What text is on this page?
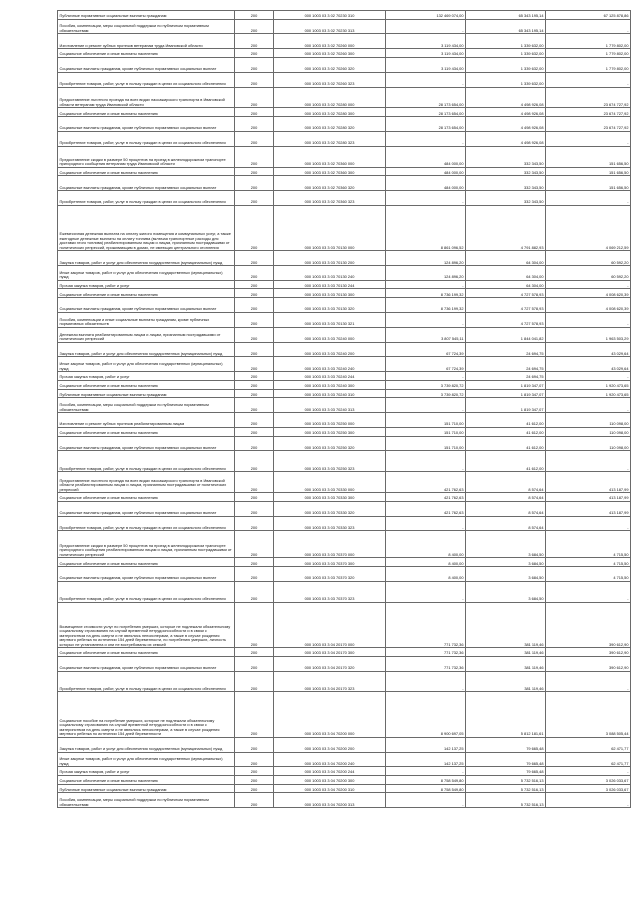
Публичные нормативные социальные выплаты гражданам	200	000 1003 03 3 02 70230 310	132 469 074,00	65 343 195,14	67 125 878,86
Пособия, компенсации, меры социальной поддержки по публичным нормативным обязательствам	200	000 1003 03 3 02 70230 313	-	65 343 195,14	-
Изготовление и ремонт зубных протезов ветеранам труда Ивановской области	200	000 1003 03 3 02 70260 000	3 119 434,00	1 339 632,00	1 779 802,00
Социальное обеспечение и иные выплаты населению	200	000 1003 03 3 02 70260 300	3 119 434,00	1 339 632,00	1 779 802,00
Социальные выплаты гражданам, кроме публичных нормативных социальных выплат	200	000 1003 03 3 02 70260 320	3 119 434,00	1 339 632,00	1 779 802,00
Приобретение товаров, работ, услуг в пользу граждан в целях их социального обеспечения	200	000 1003 03 3 02 70260 323	-	1 339 632,00	-
Предоставление льготного проезда на всех видах пассажирского транспорта в Ивановской области ветеранам труда Ивановской области	200	000 1003 03 3 02 70280 000	28 173 654,00	4 498 926,08	23 674 727,92
Социальное обеспечение и иные выплаты населению	200	000 1003 03 3 02 70280 300	28 173 654,00	4 498 926,08	23 674 727,92
Социальные выплаты гражданам, кроме публичных нормативных социальных выплат	200	000 1003 03 3 02 70280 320	28 173 654,00	4 498 926,08	23 674 727,92
Приобретение товаров, работ, услуг в пользу граждан в целях их социального обеспечения	200	000 1003 03 3 02 70280 323	-	4 498 926,08	-
Предоставление скидки в размере 50 процентов на проезд в железнодорожном транспорте пригородного сообщения ветеранам труда Ивановской области	200	000 1003 03 3 02 70360 000	484 000,00	332 343,50	151 656,50
Социальное обеспечение и иные выплаты населению	200	000 1003 03 3 02 70360 300	484 000,00	332 343,50	151 656,50
Социальные выплаты гражданам, кроме публичных нормативных социальных выплат	200	000 1003 03 3 02 70360 320	484 000,00	332 343,50	151 656,50
Приобретение товаров, работ, услуг в пользу граждан в целях их социального обеспечения	200	000 1003 03 3 02 70360 323	-	332 343,50	-
Ежемесячная денежная выплата на оплату жилого помещения и коммунальных услуг, а также ежегодные денежные выплаты на оплату топлива (включая транспортные расходы для доставки этого топлива) реабилитированным лицам и лицам, признанным пострадавшими от политических репрессий, проживающим в домах, не имеющих центрального отопления	200	000 1003 03 3 03 70130 000	8 861 096,52	4 791 882,93	4 069 212,59
Закупка товаров, работ и услуг для обеспечения государственных (муниципальных) нужд	200	000 1003 03 3 03 70130 200	124 896,20	64 304,00	60 592,20
Иные закупки товаров, работ и услуг для обеспечения государственных (муниципальных) нужд	200	000 1003 03 3 03 70130 240	124 896,20	64 304,00	60 592,20
Прочая закупка товаров, работ и услуг	200	000 1003 03 3 03 70130 244	-	64 304,00	-
Социальное обеспечение и иные выплаты населению	200	000 1003 03 3 03 70130 300	8 736 199,32	4 727 578,93	4 008 620,39
Социальные выплаты гражданам, кроме публичных нормативных социальных выплат	200	000 1003 03 3 03 70130 320	8 736 199,32	4 727 578,93	4 008 620,39
Пособия, компенсации и иные социальные выплаты гражданам, кроме публичных нормативных обязательств	200	000 1003 03 3 03 70130 321	-	4 727 578,93	-
Денежная выплата реабилитированным лицам и лицам, признанным пострадавшими от политических репрессий	200	000 1003 03 3 03 70240 000	3 807 545,11	1 844 041,82	1 963 503,29
Закупка товаров, работ и услуг для обеспечения государственных (муниципальных) нужд	200	000 1003 03 3 03 70240 200	67 724,39	24 694,75	43 029,64
Иные закупки товаров, работ и услуг для обеспечения государственных (муниципальных) нужд	200	000 1003 03 3 03 70240 240	67 724,39	24 694,75	43 029,64
Прочая закупка товаров, работ и услуг	200	000 1003 03 3 03 70240 244	-	24 694,75	-
Социальное обеспечение и иные выплаты населению	200	000 1003 03 3 03 70240 300	3 739 820,72	1 819 347,07	1 920 473,65
Публичные нормативные социальные выплаты гражданам	200	000 1003 03 3 03 70240 310	3 739 820,72	1 819 347,07	1 920 473,65
Пособия, компенсации, меры социальной поддержки по публичным нормативным обязательствам	200	000 1003 03 3 03 70240 313	-	1 819 347,07	-
Изготовление и ремонт зубных протезов реабилитированным лицам	200	000 1003 03 3 03 70250 000	151 710,00	41 612,00	110 098,00
Социальное обеспечение и иные выплаты населению	200	000 1003 03 3 03 70250 300	151 710,00	41 612,00	110 098,00
Социальные выплаты гражданам, кроме публичных нормативных социальных выплат	200	000 1003 03 3 03 70250 320	151 710,00	41 612,00	110 098,00
Приобретение товаров, работ, услуг в пользу граждан в целях их социального обеспечения	200	000 1003 03 3 03 70250 323	-	41 612,00	-
Предоставление льготного проезда на всех видах пассажирского транспорта в Ивановской области реабилитированным лицам и лицам, признанным пострадавшими от политических репрессий	200	000 1003 03 3 03 70330 000	421 762,63	8 574,64	413 187,99
Социальное обеспечение и иные выплаты населению	200	000 1003 03 3 03 70330 300	421 762,63	8 574,64	413 187,99
Социальные выплаты гражданам, кроме публичных нормативных социальных выплат	200	000 1003 03 3 03 70330 320	421 762,63	8 574,64	413 187,99
Приобретение товаров, работ, услуг в пользу граждан в целях их социального обеспечения	200	000 1003 03 3 03 70330 323	-	8 574,64	-
Предоставление скидки в размере 50 процентов на проезд в железнодорожном транспорте пригородного сообщения реабилитированным лицам и лицам, признанным пострадавшими от политических репрессий	200	000 1003 03 3 03 70370 000	8 400,00	3 684,50	4 715,50
Социальное обеспечение и иные выплаты населению	200	000 1003 03 3 03 70370 300	8 400,00	3 684,50	4 715,50
Социальные выплаты гражданам, кроме публичных нормативных социальных выплат	200	000 1003 03 3 03 70370 320	8 400,00	3 684,50	4 715,50
Приобретение товаров, работ, услуг в пользу граждан в целях их социального обеспечения	200	000 1003 03 3 03 70370 323	-	3 684,50	-
Возмещение стоимости услуг по погребению умерших, которые не подлежали обязательному социальному страхованию на случай временной нетрудоспособности и в связи с материнством на день смерти и не являлись пенсионерами, а также в случае рождения мертвого ребенка по истечении 154 дней беременности, по погребению умерших, личность которых не установлена и они не востребованы их семьей	200	000 1003 03 3 04 20170 000	771 732,36	381 119,46	390 612,90
Социальное обеспечение и иные выплаты населению	200	000 1003 03 3 04 20170 300	771 732,36	381 119,46	390 612,90
Социальные выплаты гражданам, кроме публичных нормативных социальных выплат	200	000 1003 03 3 04 20170 320	771 732,36	381 119,46	390 612,90
Приобретение товаров, работ, услуг в пользу граждан в целях их социального обеспечения	200	000 1003 03 3 04 20170 323	-	381 119,46	-
Социальное пособие на погребение умерших, которые не подлежали обязательному социальному страхованию на случай временной нетрудоспособности и в связи с материнством на день смерти и не являлись пенсионерами, а также в случае рождения мертвого ребенка по истечении 154 дней беременности	200	000 1003 03 3 04 70200 000	8 900 697,05	5 812 181,61	3 088 505,44
Закупка товаров, работ и услуг для обеспечения государственных (муниципальных) нужд	200	000 1003 03 3 04 70200 200	142 137,25	79 665,48	62 471,77
Иные закупки товаров, работ и услуг для обеспечения государственных (муниципальных) нужд	200	000 1003 03 3 04 70200 240	142 137,25	79 665,48	62 471,77
Прочая закупка товаров, работ и услуг	200	000 1003 03 3 04 70200 244	-	79 665,48	-
Социальное обеспечение и иные выплаты населению	200	000 1003 03 3 04 70200 300	8 758 549,80	5 732 516,13	3 026 033,67
Публичные нормативные социальные выплаты гражданам	200	000 1003 03 3 04 70200 310	8 758 549,80	5 732 516,13	3 026 033,67
Пособия, компенсации, меры социальной поддержки по публичным нормативным обязательствам	200	000 1003 03 3 04 70200 313	-	5 732 516,13	-
